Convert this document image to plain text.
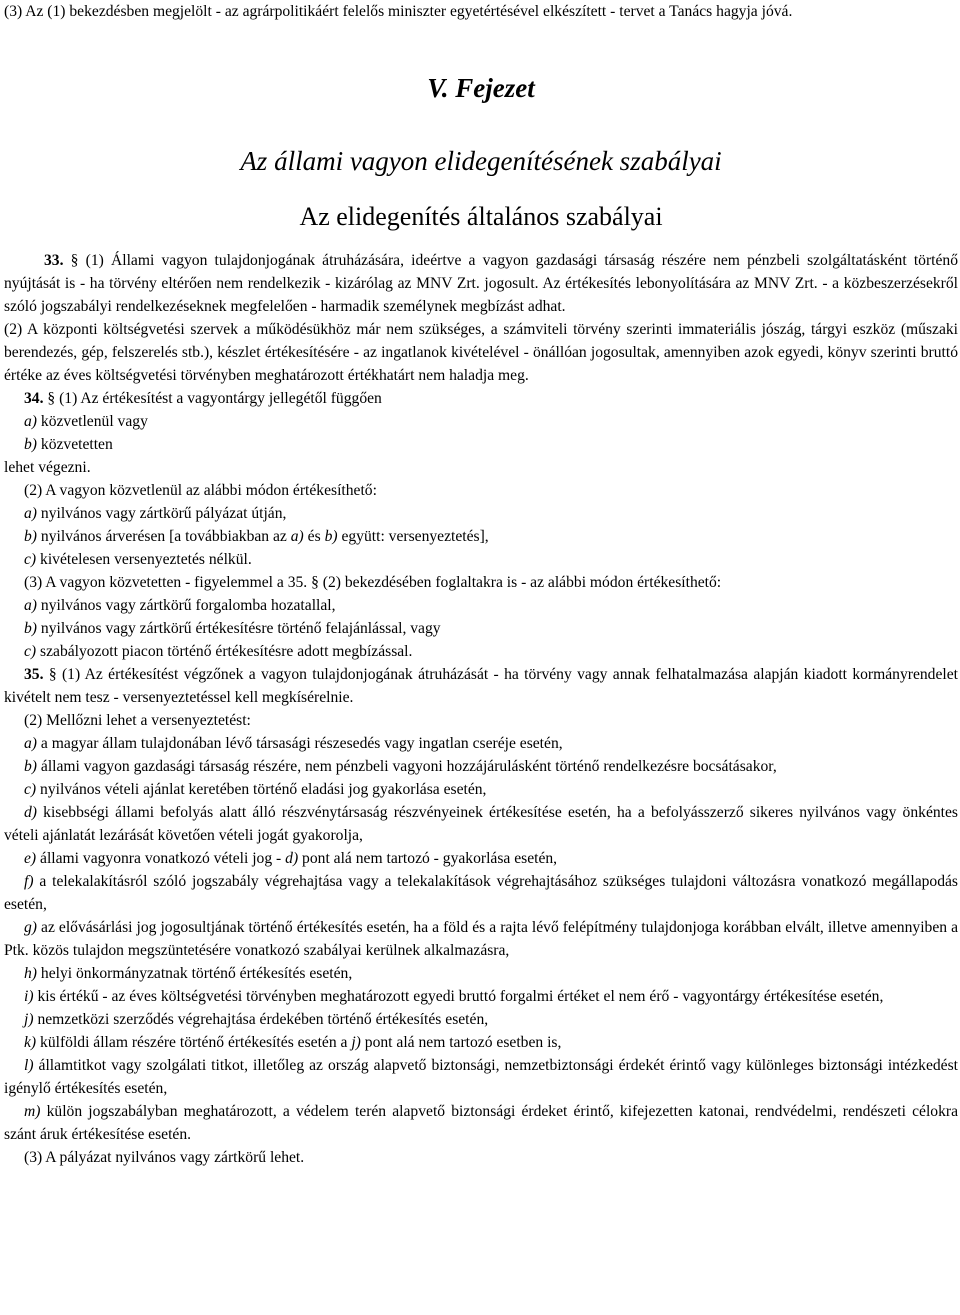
(3) Az (1) bekezdésben megjelölt - az agrárpolitikáért felelős miniszter egyetértésével elkészített - tervet a Tanács hagyja jóvá.

V. Fejezet
Az állami vagyon elidegenítésének szabályai
Az elidegenítés általános szabályai

33. § (1) Állami vagyon tulajdonjogának átruházására, ideértve a vagyon gazdasági társaság részére nem pénzbeli szolgáltatásként történő nyújtását is - ha törvény eltérően nem rendelkezik - kizárólag az MNV Zrt. jogosult. Az értékesítés lebonyolítására az MNV Zrt. - a közbeszerzésekről szóló jogszabályi rendelkezéseknek megfelelően - harmadik személynek megbízást adhat.

(2) A központi költségvetési szervek a működésükhöz már nem szükséges, a számviteli törvény szerinti immateriális jószág, tárgyi eszköz (műszaki berendezés, gép, felszerelés stb.), készlet értékesítésére - az ingatlanok kivételével - önállóan jogosultak, amennyiben azok egyedi, könyv szerinti bruttó értéke az éves költségvetési törvényben meghatározott értékhatárt nem haladja meg.

34. § (1) Az értékesítést a vagyontárgy jellegétől függően

a) közvetlenül vagy

b) közvetetten

lehet végezni.

(2) A vagyon közvetlenül az alábbi módon értékesíthető:

a) nyilvános vagy zártkörű pályázat útján,

b) nyilvános árverésen [a továbbiakban az a) és b) együtt: versenyeztetés],

c) kivételesen versenyeztetés nélkül.

(3) A vagyon közvetetten - figyelemmel a 35. § (2) bekezdésében foglaltakra is - az alábbi módon értékesíthető:

a) nyilvános vagy zártkörű forgalomba hozatallal,

b) nyilvános vagy zártkörű értékesítésre történő felajánlással, vagy

c) szabályozott piacon történő értékesítésre adott megbízással.

35. § (1) Az értékesítést végzőnek a vagyon tulajdonjogának átruházását - ha törvény vagy annak felhatalmazása alapján kiadott kormányrendelet kivételt nem tesz - versenyeztetéssel kell megkísérelnie.

(2) Mellőzni lehet a versenyeztetést:

a) a magyar állam tulajdonában lévő társasági részesedés vagy ingatlan cseréje esetén,

b) állami vagyon gazdasági társaság részére, nem pénzbeli vagyoni hozzájárulásként történő rendelkezésre bocsátásakor,

c) nyilvános vételi ajánlat keretében történő eladási jog gyakorlása esetén,

d) kisebbségi állami befolyás alatt álló részvénytársaság részvényeinek értékesítése esetén, ha a befolyásszerző sikeres nyilvános vagy önkéntes vételi ajánlatát lezárását követően vételi jogát gyakorolja,

e) állami vagyonra vonatkozó vételi jog - d) pont alá nem tartozó - gyakorlása esetén,

f) a telekalakításról szóló jogszabály végrehajtása vagy a telekalakítások végrehajtásához szükséges tulajdoni változásra vonatkozó megállapodás esetén,

g) az elővásárlási jog jogosultjának történő értékesítés esetén, ha a föld és a rajta lévő felépítmény tulajdonjoga korábban elvált, illetve amennyiben a Ptk. közös tulajdon megszüntetésére vonatkozó szabályai kerülnek alkalmazásra,

h) helyi önkormányzatnak történő értékesítés esetén,

i) kis értékű - az éves költségvetési törvényben meghatározott egyedi bruttó forgalmi értéket el nem érő - vagyontárgy értékesítése esetén,

j) nemzetközi szerződés végrehajtása érdekében történő értékesítés esetén,

k) külföldi állam részére történő értékesítés esetén a j) pont alá nem tartozó esetben is,

l) államtitkot vagy szolgálati titkot, illetőleg az ország alapvető biztonsági, nemzetbiztonsági érdekét érintő vagy különleges biztonsági intézkedést igénylő értékesítés esetén,

m) külön jogszabályban meghatározott, a védelem terén alapvető biztonsági érdeket érintő, kifejezetten katonai, rendvédelmi, rendészeti célokra szánt áruk értékesítése esetén.

(3) A pályázat nyilvános vagy zártkörű lehet.
